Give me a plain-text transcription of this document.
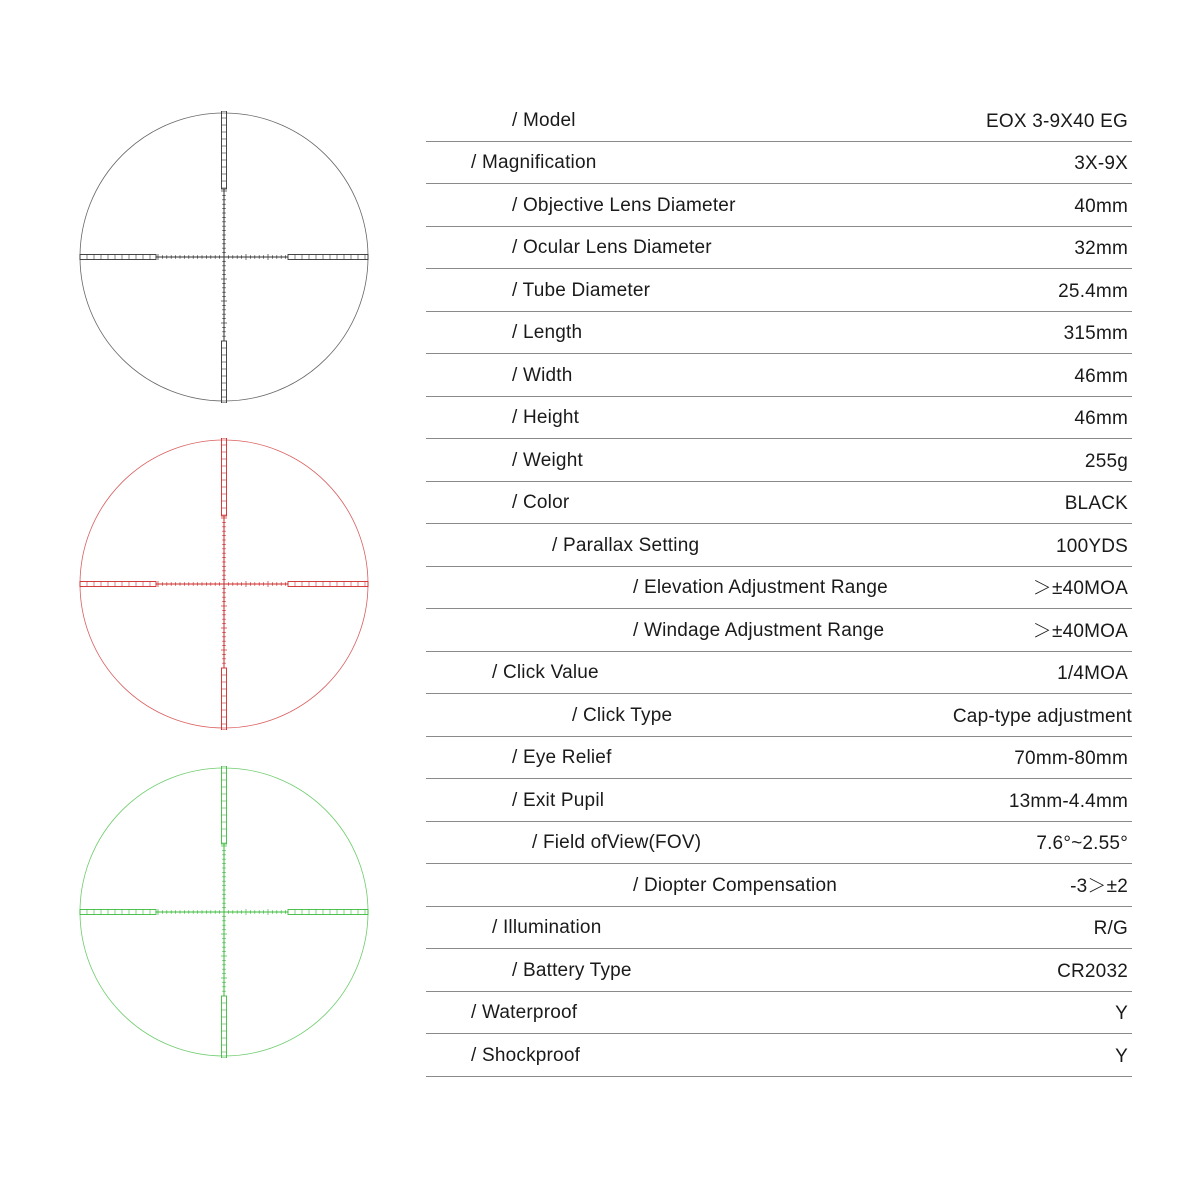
/ Model	EOX 3-9X40 EG
/ Magnification	3X-9X
/ Objective Lens Diameter	40mm
/ Ocular Lens Diameter	32mm
/ Tube Diameter	25.4mm
/ Length	315mm
/ Width	46mm
/ Height	46mm
/ Weight	255g
/ Color	BLACK
/ Parallax Setting	100YDS
/ Elevation Adjustment Range	＞±40MOA
/ Windage Adjustment Range	＞±40MOA
/ Click Value	1/4MOA
/ Click Type	Cap-type adjustment
/ Eye Relief	70mm-80mm
/ Exit Pupil	13mm-4.4mm
/ Field ofView(FOV)	7.6°~2.55°
/ Diopter Compensation	-3＞±2
/ Illumination	R/G
/ Battery Type	CR2032
/ Waterproof	Y
/ Shockproof	Y
